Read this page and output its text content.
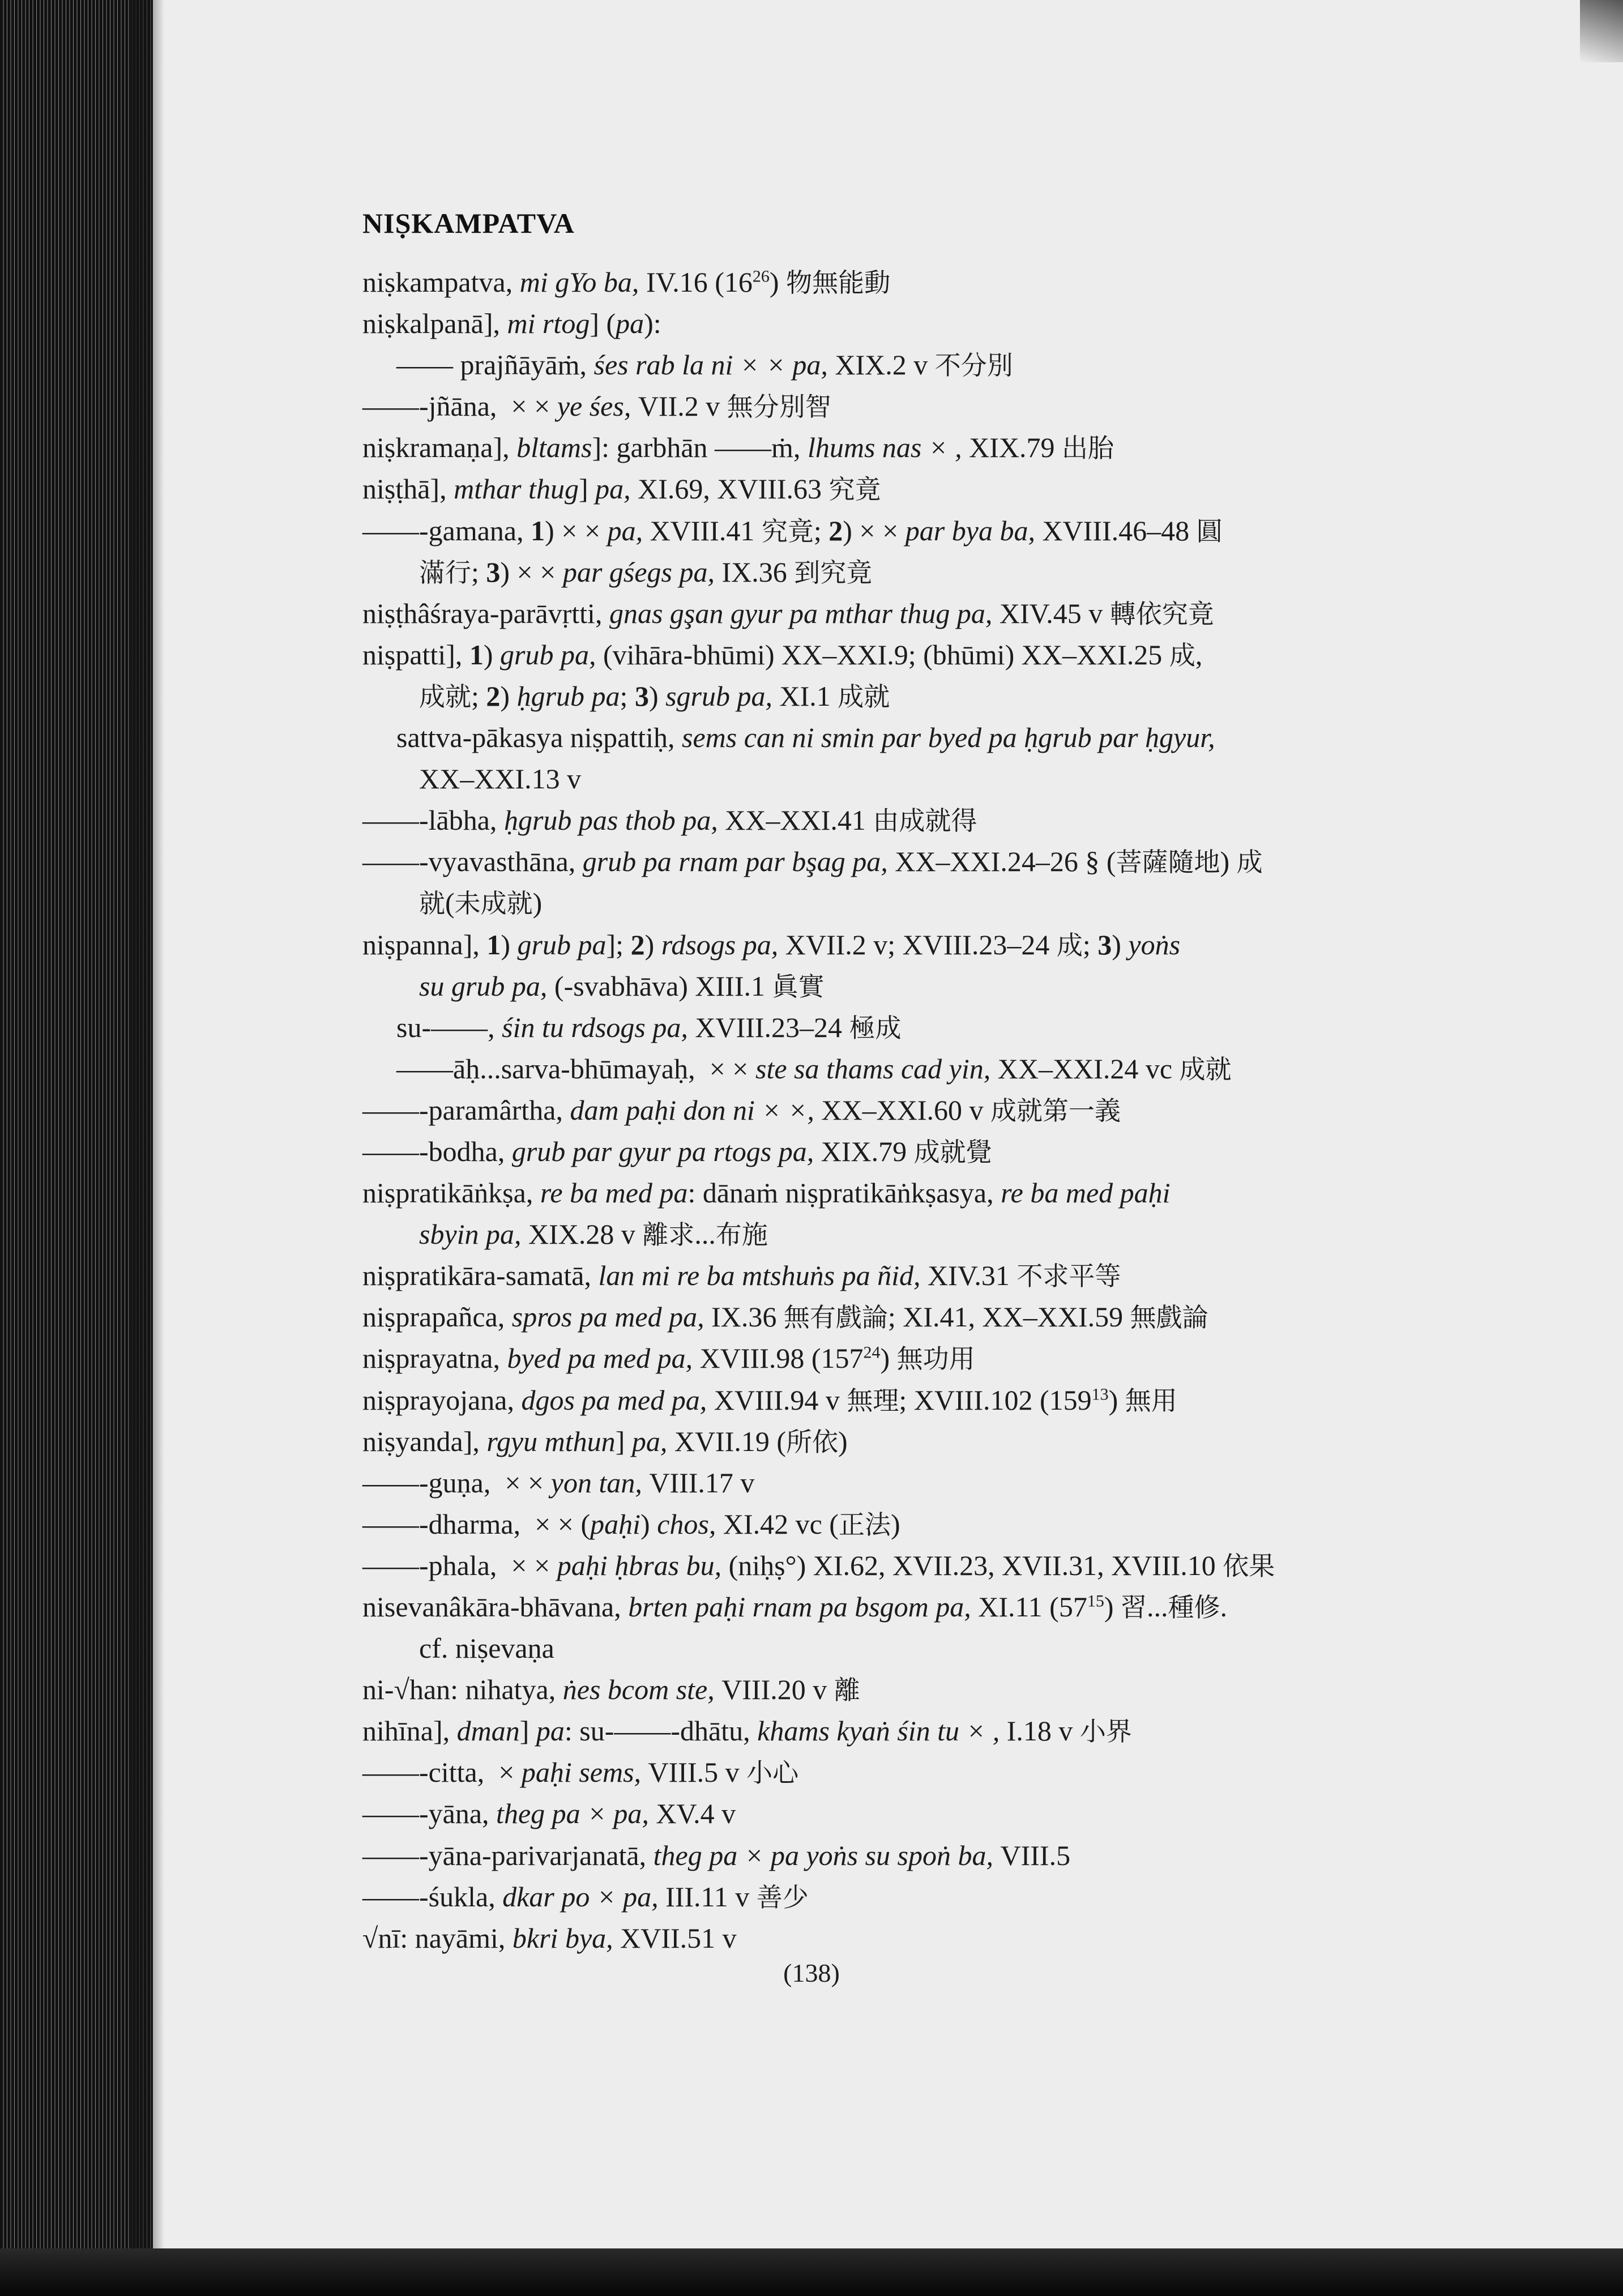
NIṢKAMPATVA
niṣkampatva, mi gYo ba, IV.16 $(16^{26})$ 物無能動
niṣkalpanā], mi rtog] (pa):
—— prajñāyāṁ, śes rab la ni × × pa, XIX.2 v 不分別
——-jñāna,  × × ye śes, VII.2 v 無分別智
niṣkramaṇa], bltams]: garbhān ——ṁ, lhums nas × , XIX.79 出胎
niṣṭhā], mthar thug] pa, XI.69, XVIII.63 究竟
——-gamana, 1) × × pa, XVIII.41 究竟; 2) × × par bya ba, XVIII.46–48 圓
滿行; 3) × × par gśegs pa, IX.36 到究竟
niṣṭhâśraya-parāvṛtti, gnas gşan gyur pa mthar thug pa, XIV.45 v 轉依究竟
niṣpatti], 1) grub pa, (vihāra-bhūmi) XX–XXI.9; (bhūmi) XX–XXI.25 成,
成就; 2) ḥgrub pa; 3) sgrub pa, XI.1 成就
sattva-pākasya niṣpattiḥ, sems can ni smin par byed pa ḥgrub par ḥgyur,
XX–XXI.13 v
——-lābha, ḥgrub pas thob pa, XX–XXI.41 由成就得
——-vyavasthāna, grub pa rnam par bşag pa, XX–XXI.24–26 § (菩薩隨地) 成
就(未成就)
niṣpanna], 1) grub pa]; 2) rdsogs pa, XVII.2 v; XVIII.23–24 成; 3) yoṅs
su grub pa, (-svabhāva) XIII.1 眞實
su-——, śin tu rdsogs pa, XVIII.23–24 極成
——āḥ...sarva-bhūmayaḥ,  × × ste sa thams cad yin, XX–XXI.24 vc 成就
——-paramârtha, dam paḥi don ni × ×, XX–XXI.60 v 成就第一義
——-bodha, grub par gyur pa rtogs pa, XIX.79 成就覺
niṣpratikāṅkṣa, re ba med pa: dānaṁ niṣpratikāṅkṣasya, re ba med paḥi
sbyin pa, XIX.28 v 離求...布施
niṣpratikāra-samatā, lan mi re ba mtshuṅs pa ñid, XIV.31 不求平等
niṣprapañca, spros pa med pa, IX.36 無有戲論; XI.41, XX–XXI.59 無戲論
niṣprayatna, byed pa med pa, XVIII.98 $(157^{24})$ 無功用
niṣprayojana, dgos pa med pa, XVIII.94 v 無理; XVIII.102 $(159^{13})$ 無用
niṣyanda], rgyu mthun] pa, XVII.19 (所依)
——-guṇa,  × × yon tan, VIII.17 v
——-dharma,  × × (paḥi) chos, XI.42 vc (正法)
——-phala,  × × paḥi ḥbras bu, (niḥṣ°) XI.62, XVII.23, XVII.31, XVIII.10 依果
nisevanâkāra-bhāvana, brten paḥi rnam pa bsgom pa, XI.11 $(57^{15})$ 習...種修.
cf. niṣevaṇa
ni-√han: nihatya, ṅes bcom ste, VIII.20 v 離
nihīna], dman] pa: su-——-dhātu, khams kyaṅ śin tu × , I.18 v 小界
——-citta,  × paḥi sems, VIII.5 v 小心
——-yāna, theg pa × pa, XV.4 v
——-yāna-parivarjanatā, theg pa × pa yoṅs su spoṅ ba, VIII.5
——-śukla, dkar po × pa, III.11 v 善少
√nī: nayāmi, bkri bya, XVII.51 v
(138)
